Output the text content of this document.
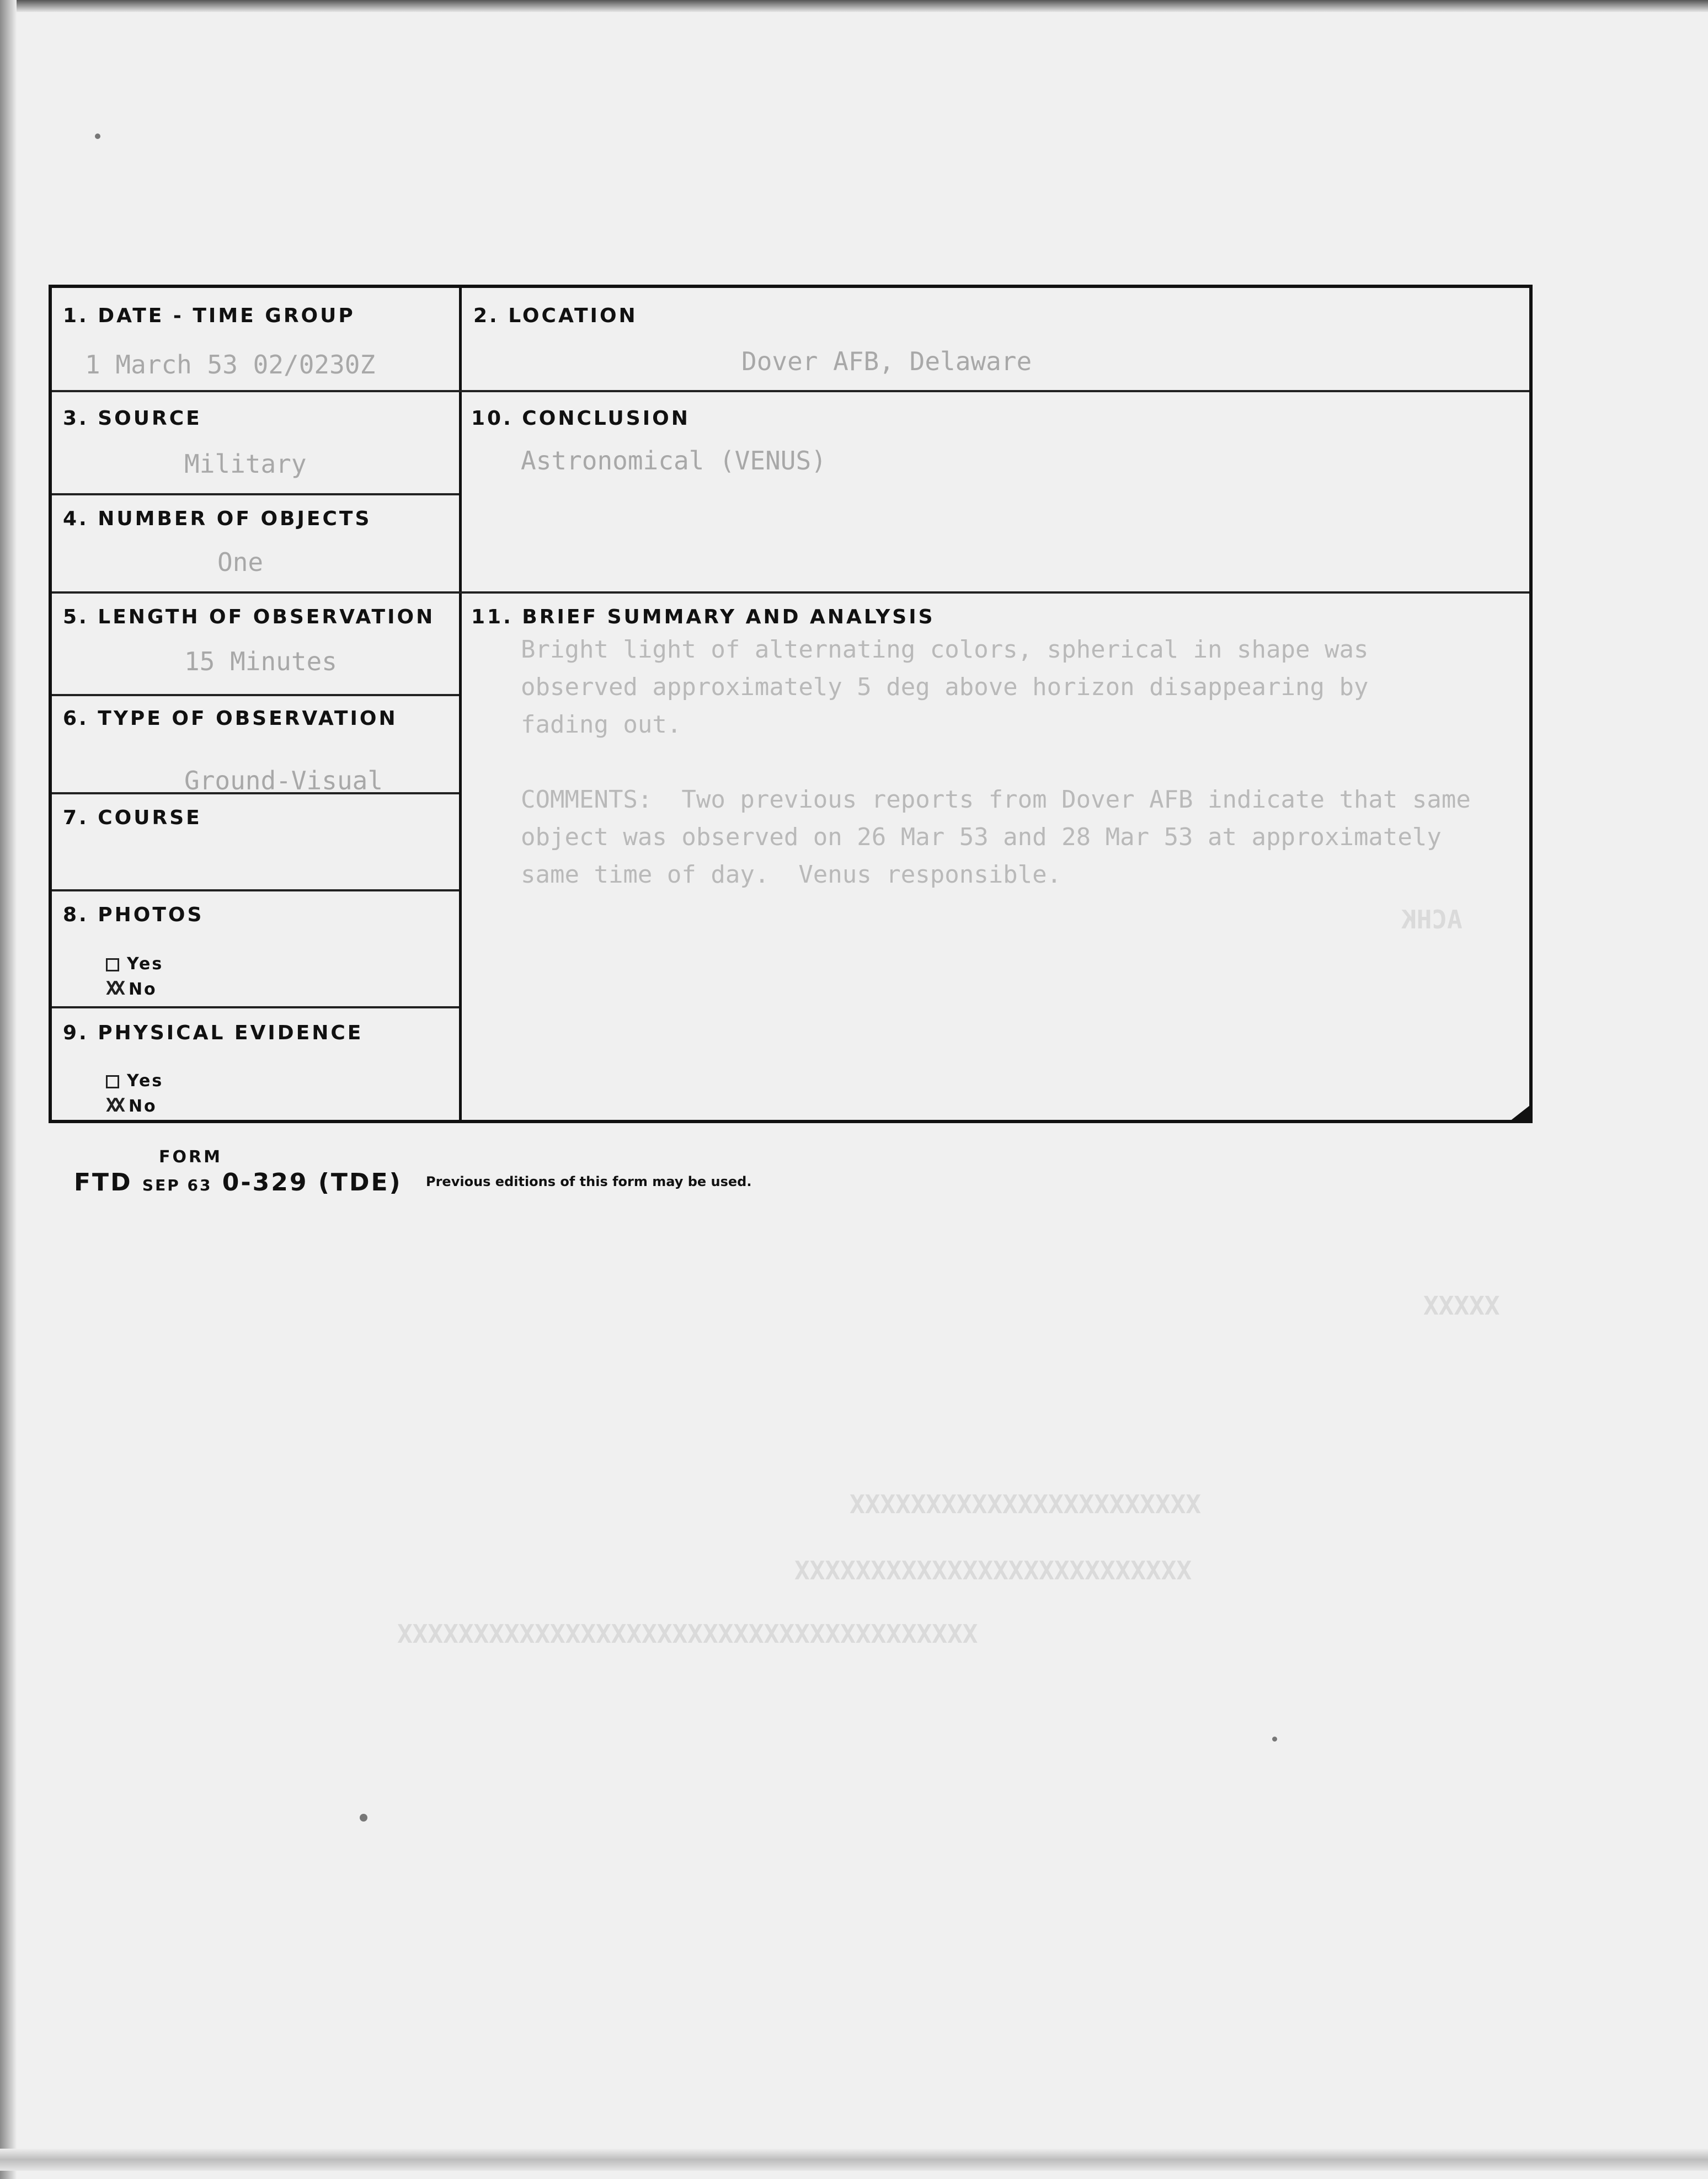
ACHK
XXXXX
XXXXXXXXXXXXXXXXXXXXXXX
XXXXXXXXXXXXXXXXXXXXXXXXXX
XXXXXXXXXXXXXXXXXXXXXXXXXXXXXXXXXXXXXX
1. DATE - TIME GROUP
1 March 53 02/0230Z
2. LOCATION
Dover AFB, Delaware
3. SOURCE
Military
10. CONCLUSION
Astronomical (VENUS)
4. NUMBER OF OBJECTS
One
5. LENGTH OF OBSERVATION
15 Minutes
11. BRIEF SUMMARY AND ANALYSIS
Bright light of alternating colors, spherical in shape was
observed approximately 5 deg above horizon disappearing by
fading out.

COMMENTS:  Two previous reports from Dover AFB indicate that same
object was observed on 26 Mar 53 and 28 Mar 53 at approximately
same time of day.  Venus responsible.
6. TYPE OF OBSERVATION
Ground-Visual
7. COURSE
8. PHOTOS
Yes
XX No
9. PHYSICAL EVIDENCE
Yes
XX No
FORM
FTD SEP 63 0-329 (TDE) Previous editions of this form may be used.
